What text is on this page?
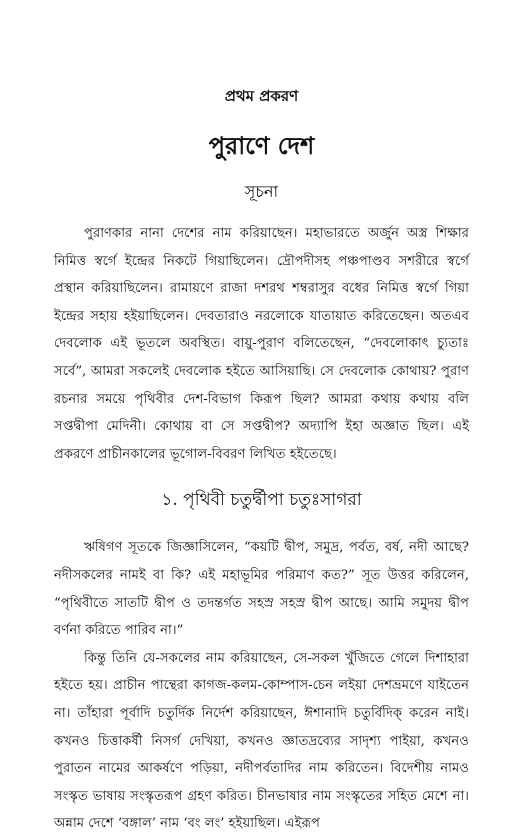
প্রথম প্রকরণ
পুরাণে দেশ
সূচনা

পুরাণকার নানা দেশের নাম করিয়াছেন। মহাভারতে অর্জুন অস্ত্র শিক্ষার নিমিত্ত স্বর্গে ইন্দ্রের নিকটে গিয়াছিলেন। দ্রৌপদীসহ পঞ্চপাণ্ডব সশরীরে স্বর্গে প্রস্থান করিয়াছিলেন। রামায়ণে রাজা দশরথ শম্বরাসুর বধের নিমিত্ত স্বর্গে গিয়া ইন্দ্রের সহায় হইয়াছিলেন। দেবতারাও নরলোকে যাতায়াত করিতেছেন। অতএব দেবলোক এই ভূতলে অবস্থিত। বায়ু-পুরাণ বলিতেছেন, “দেবলোকাৎ চ্যুতাঃ সর্বে”, আমরা সকলেই দেবলোক হইতে আসিয়াছি। সে দেবলোক কোথায়? পুরাণ রচনার সময়ে পৃথিবীর দেশ-বিভাগ কিরূপ ছিল? আমরা কথায় কথায় বলি সপ্তদ্বীপা মেদিনী। কোথায় বা সে সপ্তদ্বীপ? অদ্যাপি ইহা অজ্ঞাত ছিল। এই প্রকরণে প্রাচীনকালের ভূগোল-বিবরণ লিখিত হইতেছে।

১. পৃথিবী চতুর্দ্বীপা চতুঃসাগরা

ঋষিগণ সূতকে জিজ্ঞাসিলেন, “কয়টি দ্বীপ, সমুদ্র, পর্বত, বর্ষ, নদী আছে? নদীসকলের নামই বা কি? এই মহাভূমির পরিমাণ কত?” সূত উত্তর করিলেন, “পৃথিবীতে সাতটি দ্বীপ ও তদন্তর্গত সহস্র সহস্র দ্বীপ আছে। আমি সমুদয় দ্বীপ বর্ণনা করিতে পারিব না।”

কিন্তু তিনি যে-সকলের নাম করিয়াছেন, সে-সকল খুঁজিতে গেলে দিশাহারা হইতে হয়। প্রাচীন পান্থেরা কাগজ-কলম-কোম্পাস-চেন লইয়া দেশভ্রমণে যাইতেন না। তাঁহারা পূর্বাদি চতুর্দিক নির্দেশ করিয়াছেন, ঈশানাদি চতুর্বিদিক্ করেন নাই। কখনও চিত্তাকর্ষী নিসর্গ দেখিয়া, কখনও জ্ঞাতদ্রব্যের সাদৃশ্য পাইয়া, কখনও পুরাতন নামের আকর্ষণে পড়িয়া, নদীপর্বতাদির নাম করিতেন। বিদেশীয় নামও সংস্কৃত ভাষায় সংস্কৃতরূপ গ্রহণ করিত। চীনভাষার নাম সংস্কৃতের সহিত মেশে না। অন্নাম দেশে ‘বঙ্গাল’ নাম ‘বং লং’ হইয়াছিল। এইরূপ
